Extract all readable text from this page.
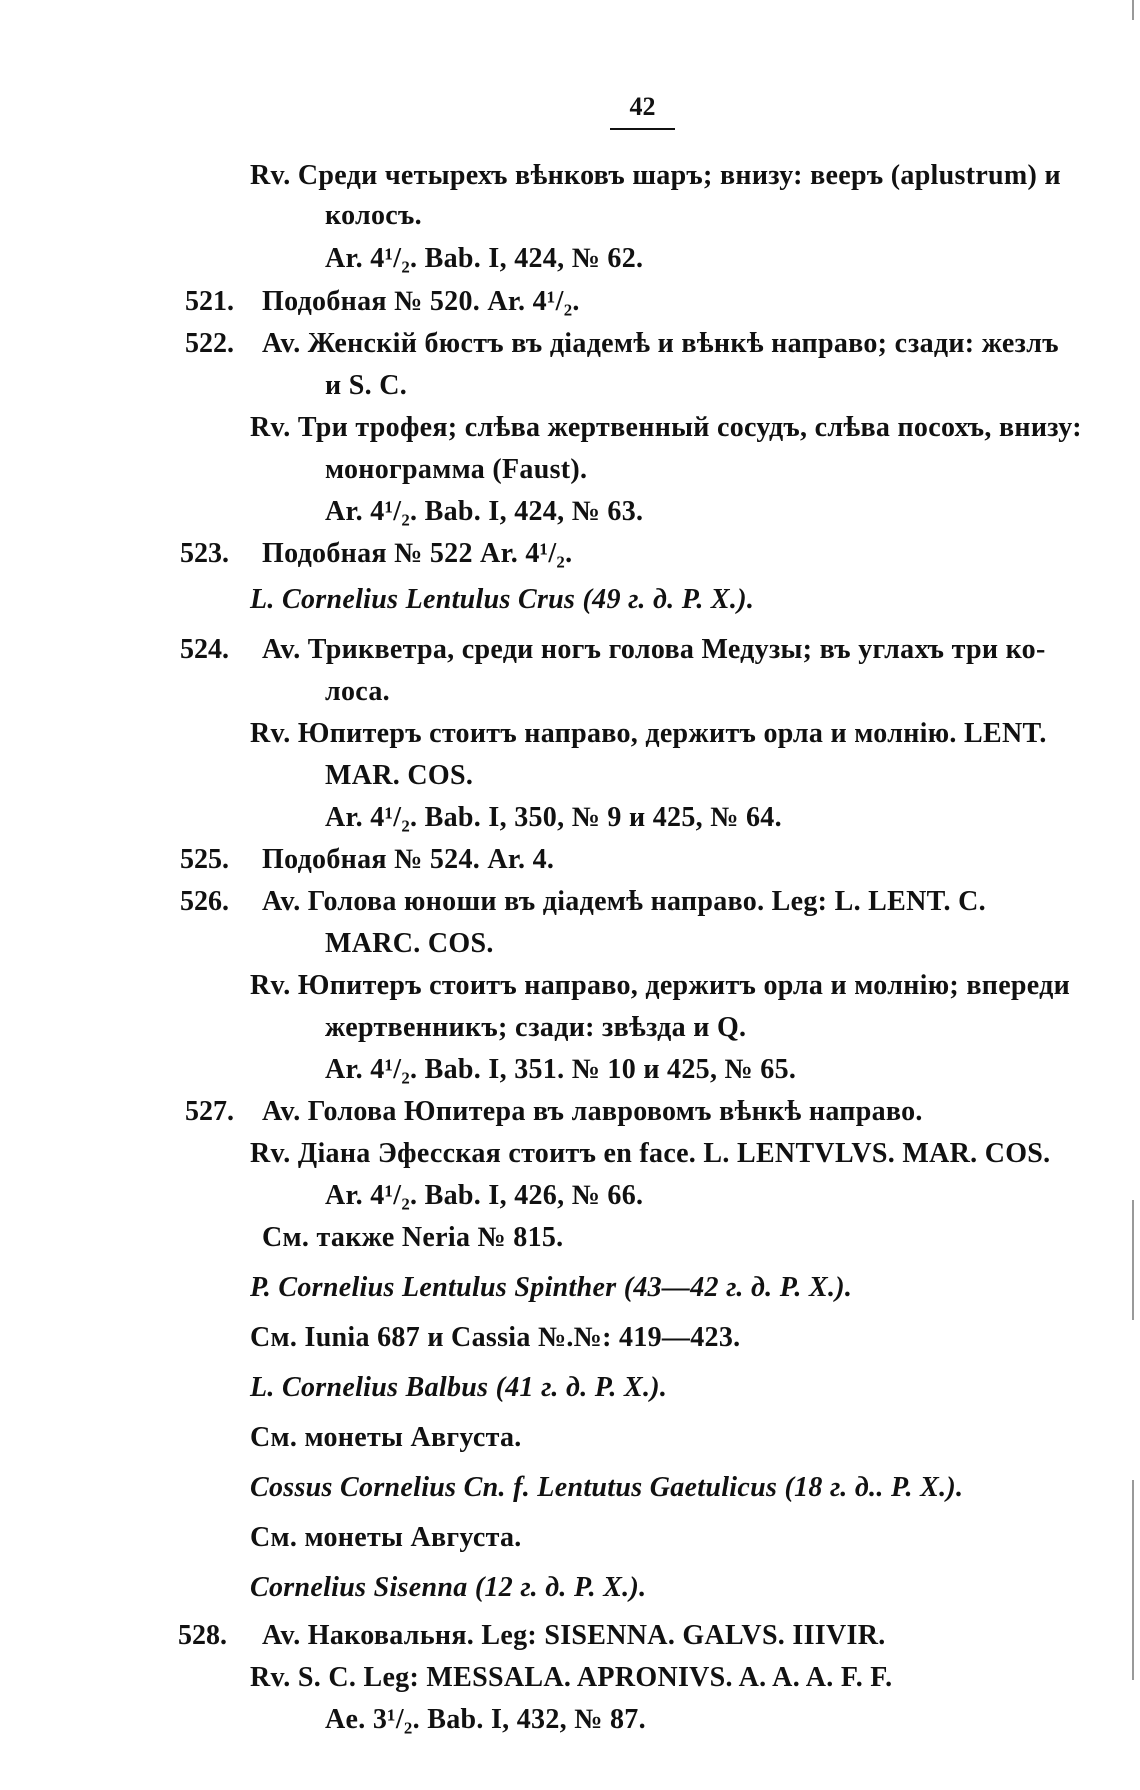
42
Rv. Среди четырехъ вѣнковъ шаръ; внизу: вееръ (aplustrum) и
колосъ.
Ar. 4¹/₂. Bab. I, 424, № 62.
521. Подобная № 520. Ar. 4¹/₂.
522. Av. Женскій бюстъ въ діадемѣ и вѣнкѣ направо; сзади: жезлъ
и S. C.
Rv. Три трофея; слѣва жертвенный сосудъ, слѣва посохъ, внизу:
монограмма (Faust).
Ar. 4¹/₂. Bab. I, 424, № 63.
523. Подобная № 522 Ar. 4¹/₂.
L. Cornelius Lentulus Crus (49 г. д. Р. X.).
524. Av. Трикветра, среди ногъ голова Медузы; въ углахъ три ко-
лоса.
Rv. Юпитеръ стоитъ направо, держитъ орла и молнію. LENT.
MAR. COS.
Ar. 4¹/₂. Bab. I, 350, № 9 и 425, № 64.
525. Подобная № 524. Ar. 4.
526. Av. Голова юноши въ діадемѣ направо. Leg: L. LENT. C.
MARC. COS.
Rv. Юпитеръ стоитъ направо, держитъ орла и молнію; впереди
жертвенникъ; сзади: звѣзда и Q.
Ar. 4¹/₂. Bab. I, 351. № 10 и 425, № 65.
527. Av. Голова Юпитера въ лавровомъ вѣнкѣ направо.
Rv. Діана Эфесская стоитъ en face. L. LENTVLVS. MAR. COS.
Ar. 4¹/₂. Bab. I, 426, № 66.
См. также Neria № 815.
P. Cornelius Lentulus Spinther (43—42 г. д. Р. X.).
См. Iunia 687 и Cassia №.№: 419—423.
L. Cornelius Balbus (41 г. д. Р. X.).
См. монеты Августа.
Cossus Cornelius Cn. f. Lentutus Gaetulicus (18 г. д.. Р. X.).
См. монеты Августа.
Cornelius Sisenna (12 г. д. Р. X.).
528. Av. Наковальня. Leg: SISENNA. GALVS. IIIVIR.
Rv. S. C. Leg: MESSALA. APRONIVS. A. A. A. F. F.
Ae. 3¹/₂. Bab. I, 432, № 87.
